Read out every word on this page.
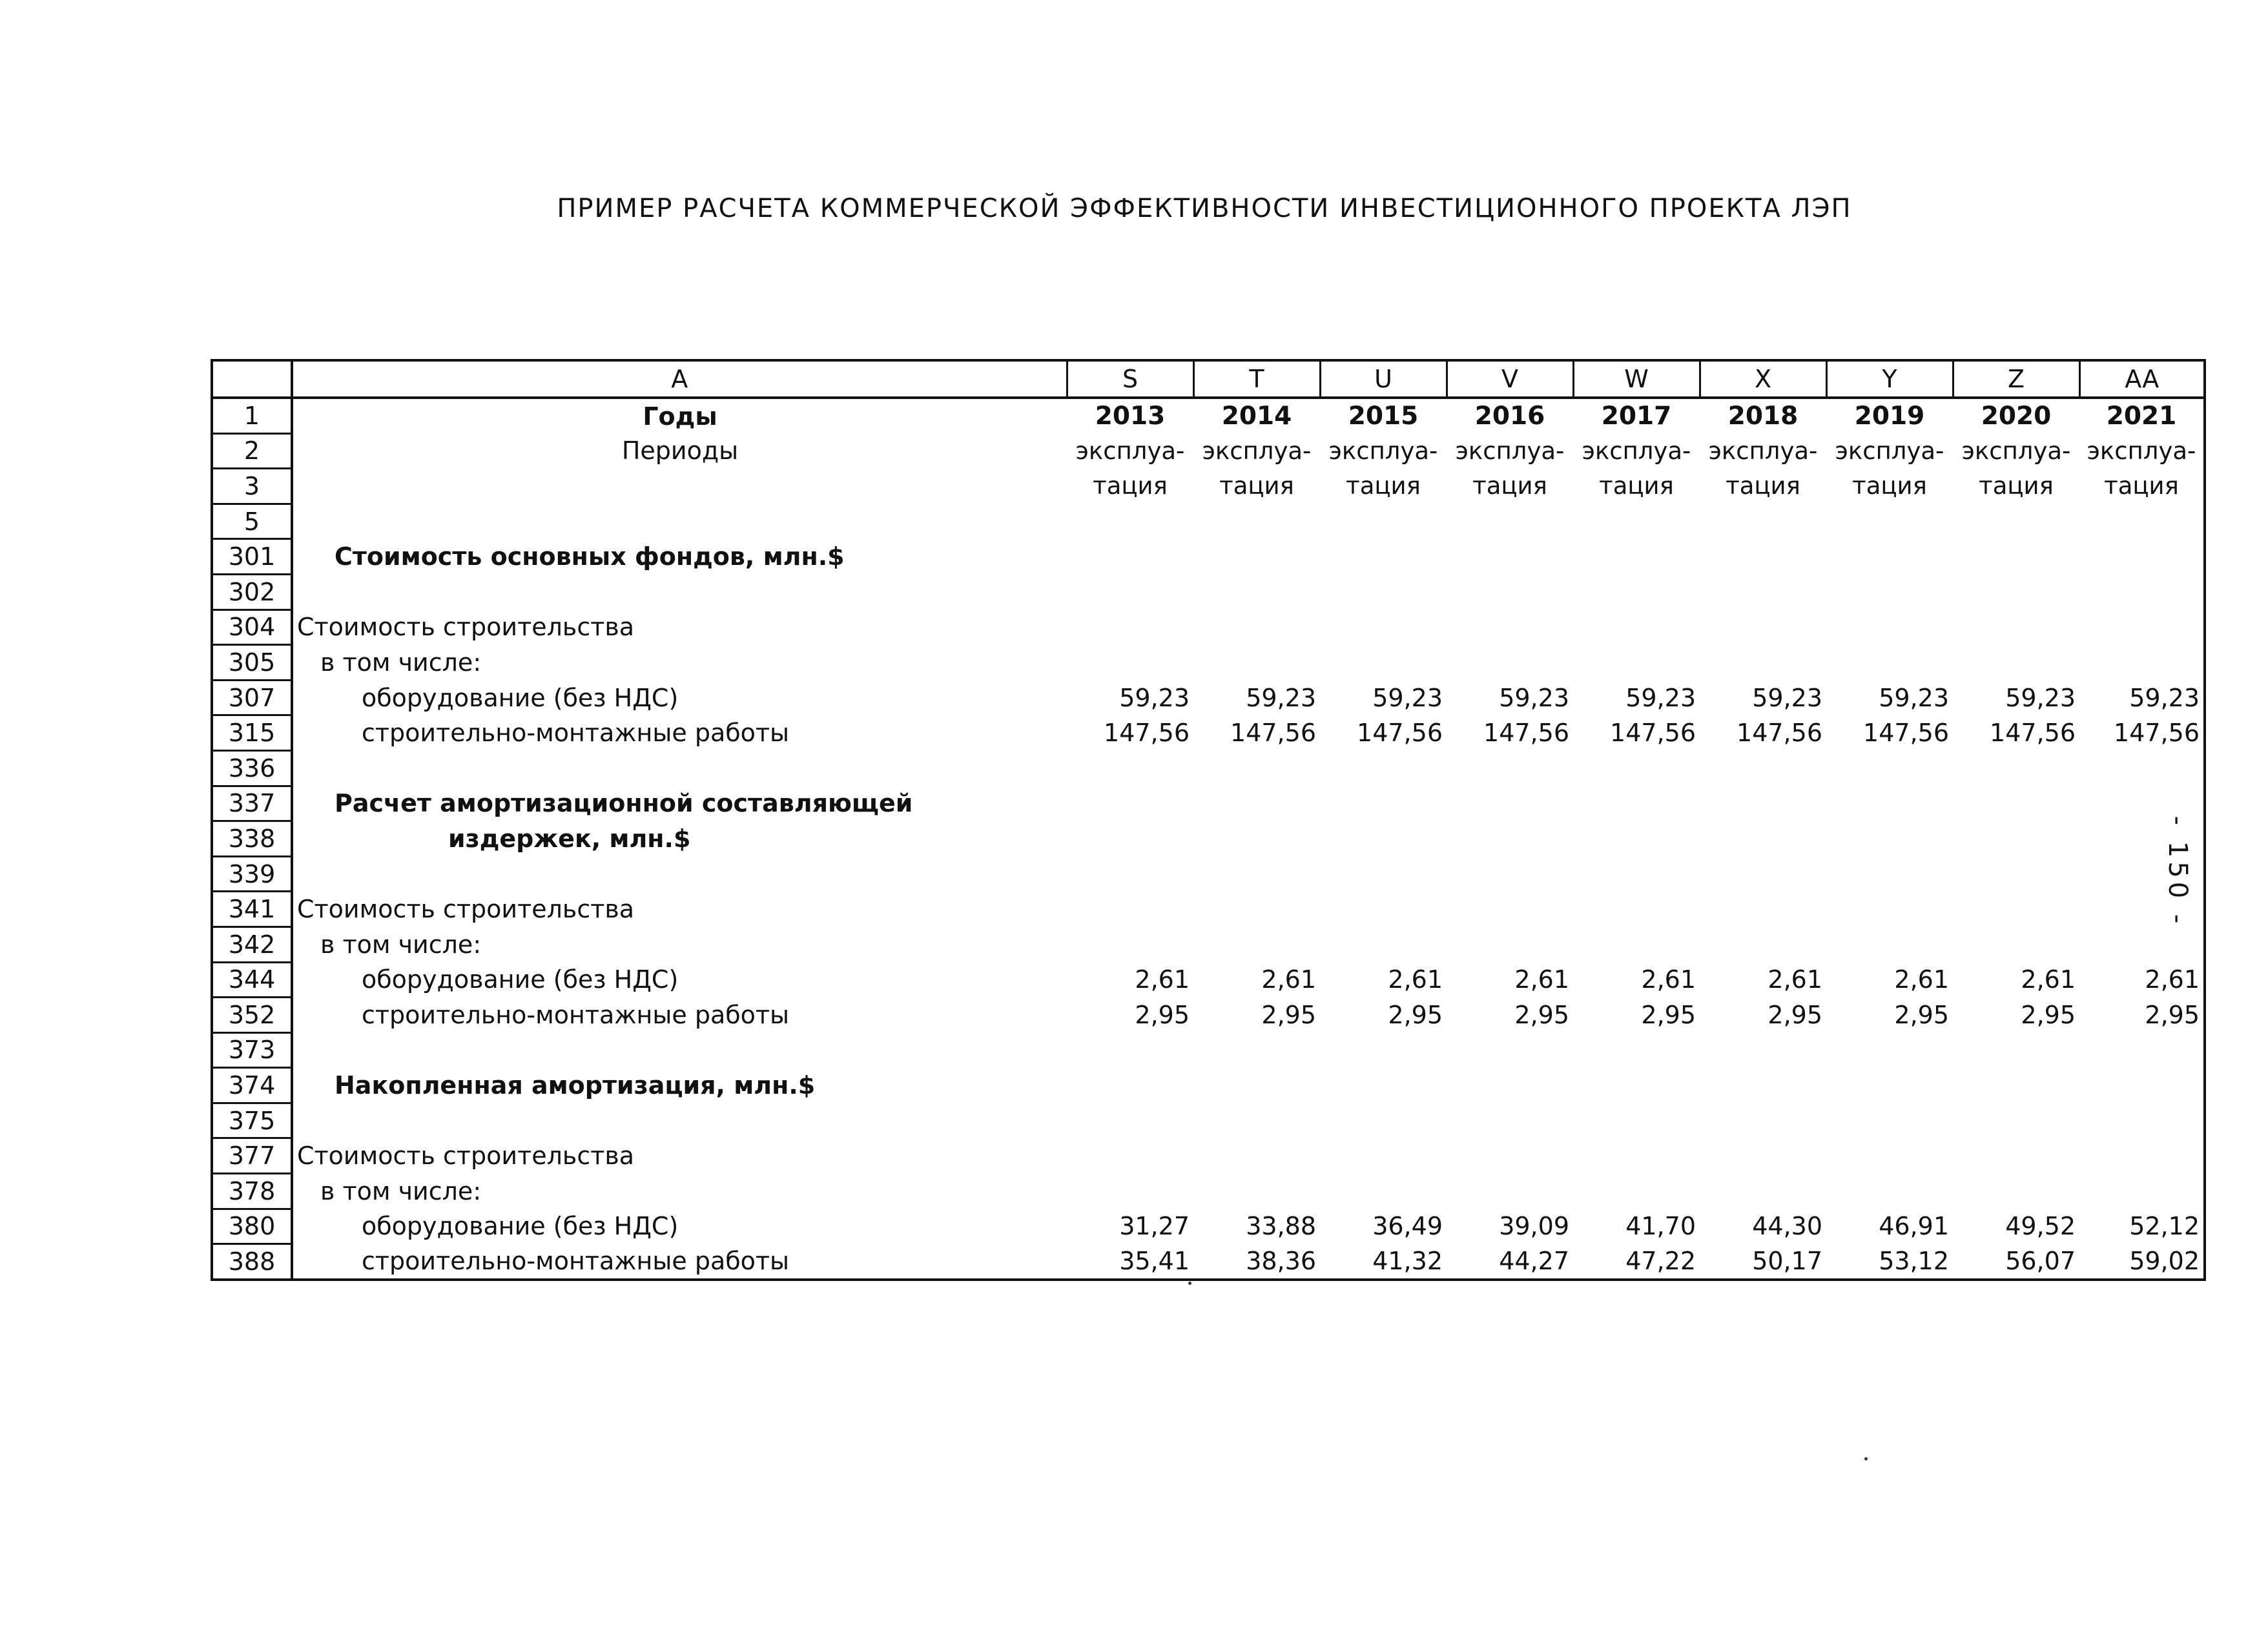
ПРИМЕР РАСЧЕТА КОММЕРЧЕСКОЙ ЭФФЕКТИВНОСТИ ИНВЕСТИЦИОННОГО ПРОЕКТА ЛЭП
- 150 -
	A	S	T	U	V	W	X	Y	Z	AA
1	Годы	2013	2014	2015	2016	2017	2018	2019	2020	2021
2	Периоды	эксплуа-	эксплуа-	эксплуа-	эксплуа-	эксплуа-	эксплуа-	эксплуа-	эксплуа-	эксплуа-
3		тация	тация	тация	тация	тация	тация	тация	тация	тация
5										
301	Стоимость основных фондов, млн.$									
302										
304	Стоимость строительства									
305	в том числе:									
307	оборудование (без НДС)	59,23	59,23	59,23	59,23	59,23	59,23	59,23	59,23	59,23
315	строительно-монтажные работы	147,56	147,56	147,56	147,56	147,56	147,56	147,56	147,56	147,56
336										
337	Расчет амортизационной составляющей									
338	издержек, млн.$									
339										
341	Стоимость строительства									
342	в том числе:									
344	оборудование (без НДС)	2,61	2,61	2,61	2,61	2,61	2,61	2,61	2,61	2,61
352	строительно-монтажные работы	2,95	2,95	2,95	2,95	2,95	2,95	2,95	2,95	2,95
373										
374	Накопленная амортизация, млн.$									
375										
377	Стоимость строительства									
378	в том числе:									
380	оборудование (без НДС)	31,27	33,88	36,49	39,09	41,70	44,30	46,91	49,52	52,12
388	строительно-монтажные работы	35,41	38,36	41,32	44,27	47,22	50,17	53,12	56,07	59,02
